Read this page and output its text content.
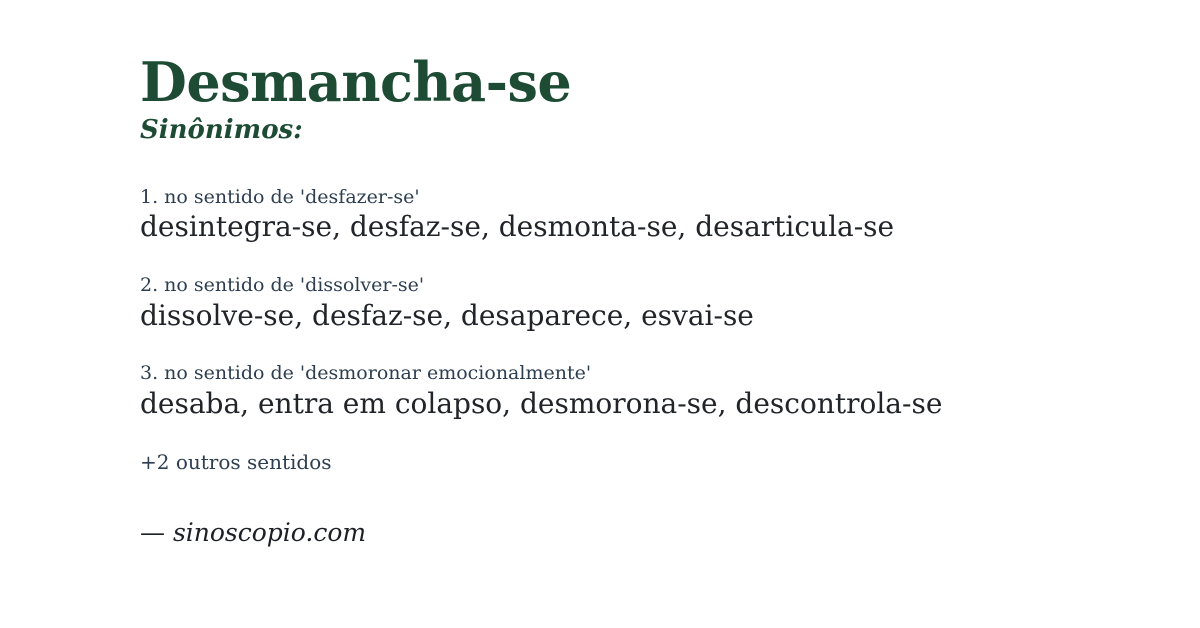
Desmancha-se
Sinônimos:
1. no sentido de 'desfazer-se'
desintegra-se, desfaz-se, desmonta-se, desarticula-se
2. no sentido de 'dissolver-se'
dissolve-se, desfaz-se, desaparece, esvai-se
3. no sentido de 'desmoronar emocionalmente'
desaba, entra em colapso, desmorona-se, descontrola-se
+2 outros sentidos
— sinoscopio.com
